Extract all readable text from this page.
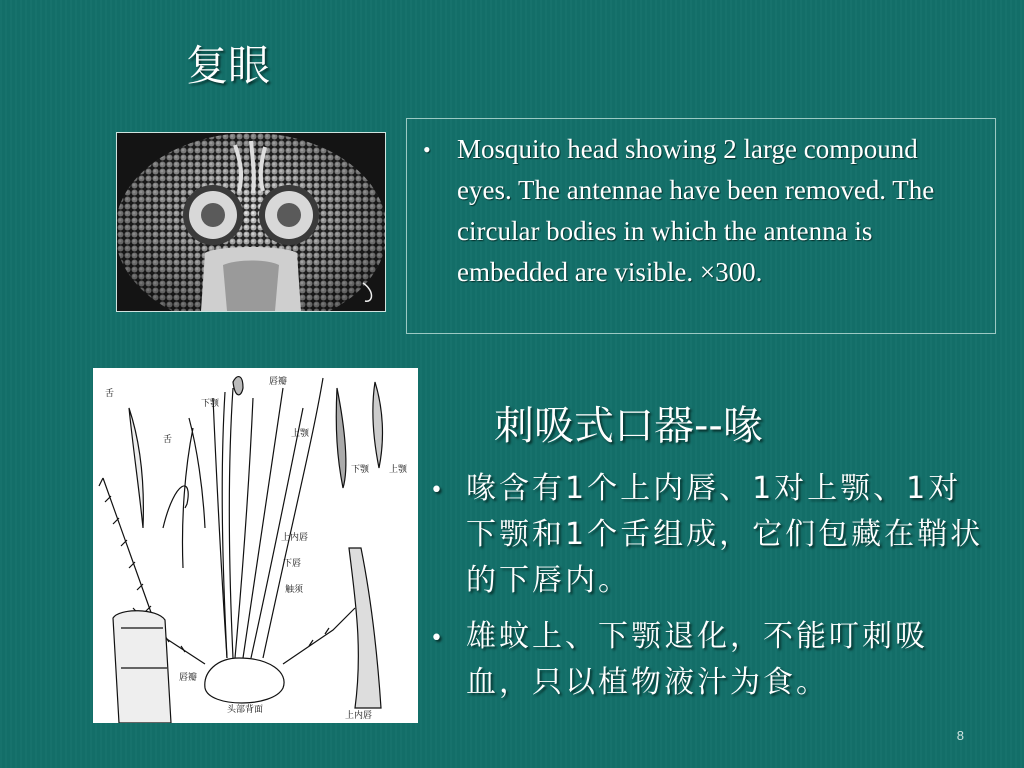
复眼
• Mosquito head showing 2 large compound eyes. The antennae have been removed. The circular bodies in which the antenna is embedded are visible. ×300.
舌
唇瓣
下颚
舌
上颚
下颚 上颚
上内唇
下唇
触须
唇瓣
头部背面
上内唇
刺吸式口器--喙
• 喙含有1个上内唇、1对上颚、1对下颚和1个舌组成，它们包藏在鞘状的下唇内。
• 雄蚊上、下颚退化，不能叮刺吸血，只以植物液汁为食。
8
